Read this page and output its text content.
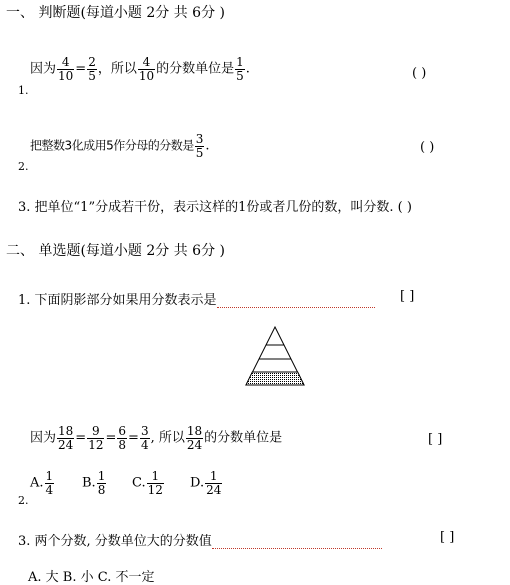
一、 判断题(每道小题 2分 共 6分 )
因为 $\frac{4}{10} = \frac{2}{5}$ ，所以 $\frac{4}{10}$ 的分数单位是 $\frac{1}{5}$ .
1.
( )
把整数3化成用5作分母的分数是 $\frac{3}{5}$ .
2.
( )
3. 把单位“1”分成若干份，表示这样的1份或者几份的数，叫分数. ( )
二、 单选题(每道小题 2分 共 6分 )
1. 下面阴影部分如果用分数表示是	[ ]
因为 $\frac{18}{24} = \frac{9}{12} = \frac{6}{8} = \frac{3}{4}$ , 所以 $\frac{18}{24}$ 的分数单位是	[ ]
A. $\frac{1}{4} B$. $\frac{1}{8} C$. $\frac{1}{12} D$. $\frac{1}{24}$
2.
3. 两个分数, 分数单位大的分数值	[ ]
A. 大 B. 小 C. 不一定
